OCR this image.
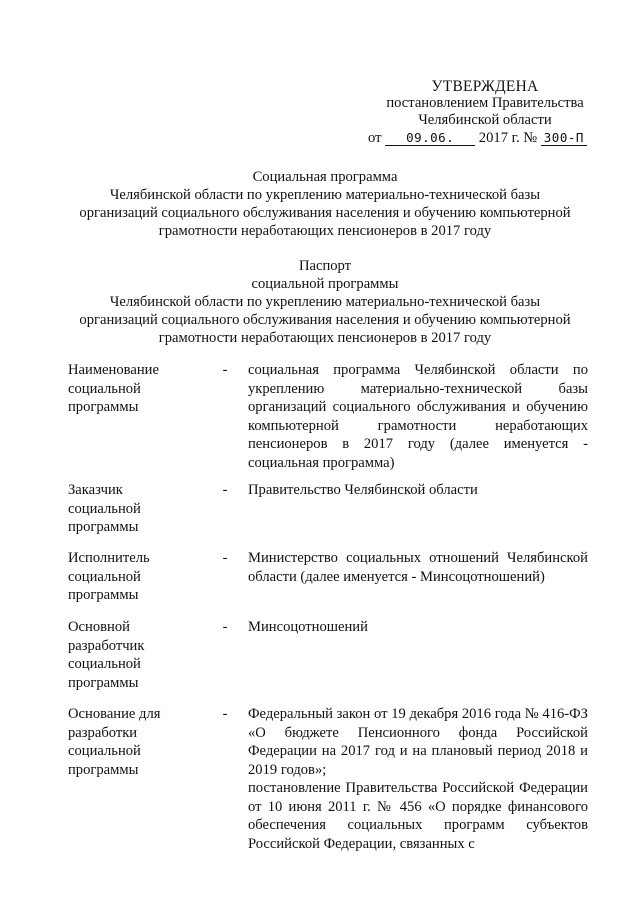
УТВЕРЖДЕНА
постановлением Правительства
Челябинской области
от 09.06. 2017 г. № 300-П
Социальная программа
Челябинской области по укреплению материально-технической базы
организаций социального обслуживания населения и обучению компьютерной
грамотности неработающих пенсионеров в 2017 году
Паспорт
социальной программы
Челябинской области по укреплению материально-технической базы
организаций социального обслуживания населения и обучению компьютерной
грамотности неработающих пенсионеров в 2017 году
Наименование
социальной
программы
- социальная программа Челябинской области по укреплению материально-технической базы организаций социального обслуживания и обучению компьютерной грамотности неработающих пенсионеров в 2017 году (далее именуется - социальная программа)

Заказчик
социальной
программы
- Правительство Челябинской области

Исполнитель
социальной
программы
- Министерство социальных отношений Челябинской области (далее именуется - Минсоцотношений)

Основной
разработчик
социальной
программы
- Минсоцотношений

Основание для
разработки
социальной
программы
- Федеральный закон от 19 декабря 2016 года № 416-ФЗ «О бюджете Пенсионного фонда Российской Федерации на 2017 год и на плановый период 2018 и 2019 годов»;

постановление Правительства Российской Федерации от 10 июня 2011 г. № 456 «О порядке финансового обеспечения социальных программ субъектов Российской Федерации, связанных с
